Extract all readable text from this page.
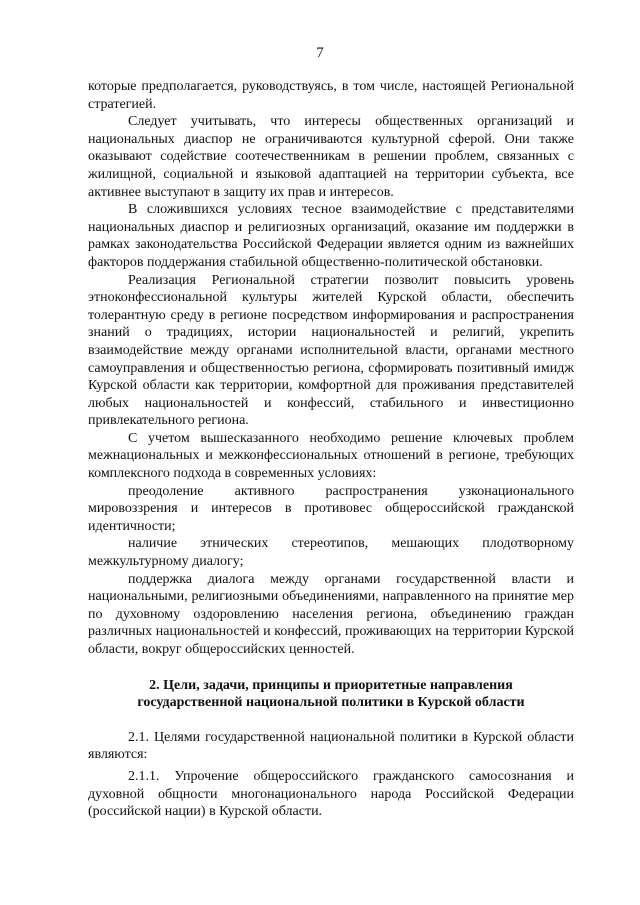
7

которые предполагается, руководствуясь, в том числе, настоящей Региональной стратегией.

Следует учитывать, что интересы общественных организаций и национальных диаспор не ограничиваются культурной сферой. Они также оказывают содействие соотечественникам в решении проблем, связанных с жилищной, социальной и языковой адаптацией на территории субъекта, все активнее выступают в защиту их прав и интересов.

В сложившихся условиях тесное взаимодействие с представителями национальных диаспор и религиозных организаций, оказание им поддержки в рамках законодательства Российской Федерации является одним из важнейших факторов поддержания стабильной общественно-политической обстановки.

Реализация Региональной стратегии позволит повысить уровень этноконфессиональной культуры жителей Курской области, обеспечить толерантную среду в регионе посредством информирования и распространения знаний о традициях, истории национальностей и религий, укрепить взаимодействие между органами исполнительной власти, органами местного самоуправления и общественностью региона, сформировать позитивный имидж Курской области как территории, комфортной для проживания представителей любых национальностей и конфессий, стабильного и инвестиционно привлекательного региона.

С учетом вышесказанного необходимо решение ключевых проблем межнациональных и межконфессиональных отношений в регионе, требующих комплексного подхода в современных условиях:

преодоление активного распространения узконационального мировоззрения и интересов в противовес общероссийской гражданской идентичности;

наличие этнических стереотипов, мешающих плодотворному межкультурному диалогу;

поддержка диалога между органами государственной власти и национальными, религиозными объединениями, направленного на принятие мер по духовному оздоровлению населения региона, объединению граждан различных национальностей и конфессий, проживающих на территории Курской области, вокруг общероссийских ценностей.

2. Цели, задачи, принципы и приоритетные направления государственной национальной политики в Курской области

2.1. Целями государственной национальной политики в Курской области являются:

2.1.1. Упрочение общероссийского гражданского самосознания и духовной общности многонационального народа Российской Федерации (российской нации) в Курской области.
